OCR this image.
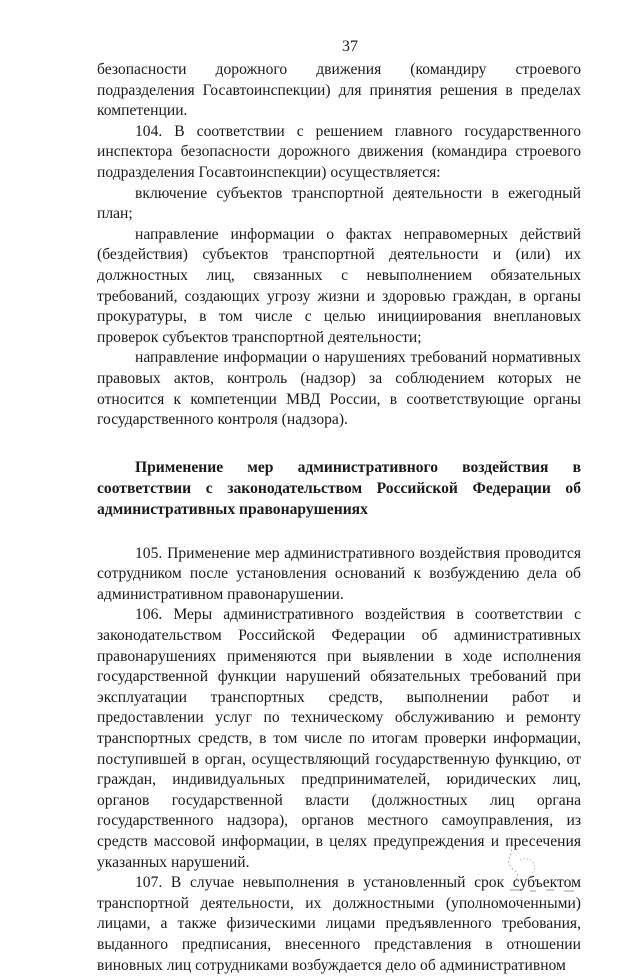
37

безопасности дорожного движения (командиру строевого подразделения Госавтоинспекции) для принятия решения в пределах компетенции.

104. В соответствии с решением главного государственного инспектора безопасности дорожного движения (командира строевого подразделения Госавтоинспекции) осуществляется:

включение субъектов транспортной деятельности в ежегодный план;

направление информации о фактах неправомерных действий (бездействия) субъектов транспортной деятельности и (или) их должностных лиц, связанных с невыполнением обязательных требований, создающих угрозу жизни и здоровью граждан, в органы прокуратуры, в том числе с целью инициирования внеплановых проверок субъектов транспортной деятельности;

направление информации о нарушениях требований нормативных правовых актов, контроль (надзор) за соблюдением которых не относится к компетенции МВД России, в соответствующие органы государственного контроля (надзора).

Применение мер административного воздействия в соответствии с законодательством Российской Федерации об административных правонарушениях

105. Применение мер административного воздействия проводится сотрудником после установления оснований к возбуждению дела об административном правонарушении.

106. Меры административного воздействия в соответствии с законодательством Российской Федерации об административных правонарушениях применяются при выявлении в ходе исполнения государственной функции нарушений обязательных требований при эксплуатации транспортных средств, выполнении работ и предоставлении услуг по техническому обслуживанию и ремонту транспортных средств, в том числе по итогам проверки информации, поступившей в орган, осуществляющий государственную функцию, от граждан, индивидуальных предпринимателей, юридических лиц, органов государственной власти (должностных лиц органа государственного надзора), органов местного самоуправления, из средств массовой информации, в целях предупреждения и пресечения указанных нарушений.

107. В случае невыполнения в установленный срок субъектом транспортной деятельности, их должностными (уполномоченными) лицами, а также физическими лицами предъявленного требования, выданного предписания, внесенного представления в отношении виновных лиц сотрудниками возбуждается дело об административном
